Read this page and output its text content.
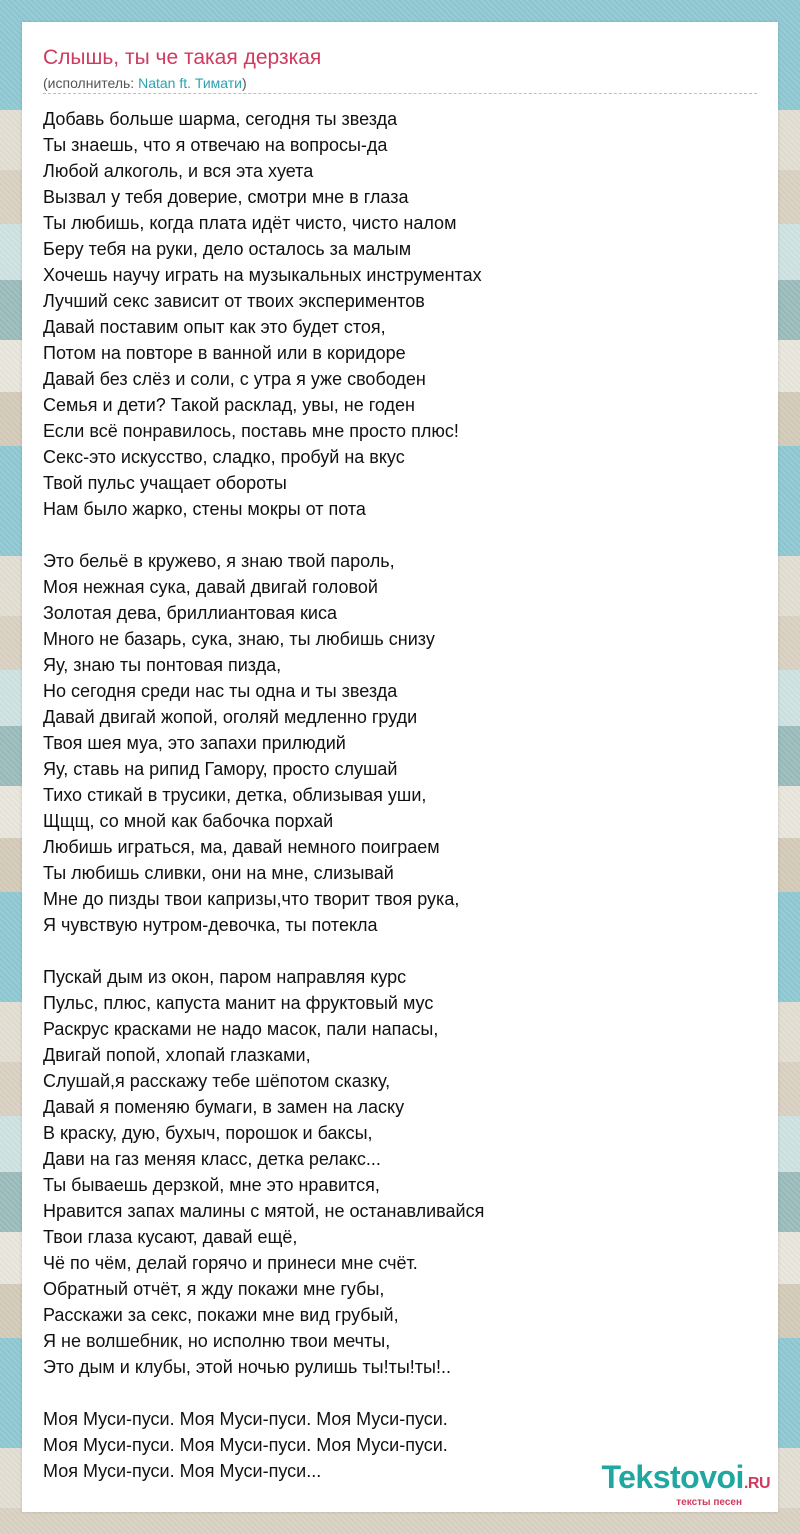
Слышь, ты че такая дерзкая
(исполнитель: Natan ft. Тимати)
Добавь больше шарма, сегодня ты звезда
Ты знаешь, что я отвечаю на вопросы-да
Любой алкоголь, и вся эта хуета
Вызвал у тебя доверие, смотри мне в глаза
Ты любишь, когда плата идёт чисто, чисто налом
Беру тебя на руки, дело осталось за малым
Хочешь научу играть на музыкальных инструментах
Лучший секс зависит от твоих экспериментов
Давай поставим опыт как это будет стоя,
Потом на повторе в ванной или в коридоре
Давай без слёз и соли, с утра я уже свободен
Семья и дети? Такой расклад, увы, не годен
Если всё понравилось, поставь мне просто плюс!
Секс-это искусство, сладко, пробуй на вкус
Твой пульс учащает обороты
Нам было жарко, стены мокры от пота
Это бельё в кружево, я знаю твой пароль,
Моя нежная сука, давай двигай головой
Золотая дева, бриллиантовая киса
Много не базарь, сука, знаю, ты любишь снизу
Яу, знаю ты понтовая пизда,
Но сегодня среди нас ты одна и ты звезда
Давай двигай жопой, оголяй медленно груди
Твоя шея муа, это запахи прилюдий
Яу, ставь на рипид Гамору, просто слушай
Тихо стикай в трусики, детка, облизывая уши,
Щщщ, со мной как бабочка порхай
Любишь играться, ма, давай немного поиграем
Ты любишь сливки, они на мне, слизывай
Мне до пизды твои капризы,что творит твоя рука,
Я чувствую нутром-девочка, ты потекла
Пускай дым из окон, паром направляя курс
Пульс, плюс, капуста манит на фруктовый мус
Раскрус красками не надо масок, пали напасы,
Двигай попой, хлопай глазками,
Слушай,я расскажу тебе шёпотом сказку,
Давай я поменяю бумаги, в замен на ласку
В краску, дую, бухыч, порошок и баксы,
Дави на газ меняя класс, детка релакс...
Ты бываешь дерзкой, мне это нравится,
Нравится запах малины с мятой, не останавливайся
Твои глаза кусают, давай ещё,
Чё по чём, делай горячо и принеси мне счёт.
Обратный отчёт, я жду покажи мне губы,
Расскажи за секс, покажи мне вид грубый,
Я не волшебник, но исполню твои мечты,
Это дым и клубы, этой ночью рулишь ты!ты!ты!..
Моя Муси-пуси. Моя Муси-пуси. Моя Муси-пуси.
Моя Муси-пуси. Моя Муси-пуси. Моя Муси-пуси.
Моя Муси-пуси. Моя Муси-пуси...	Tekstovoi.RU
тексты песен
